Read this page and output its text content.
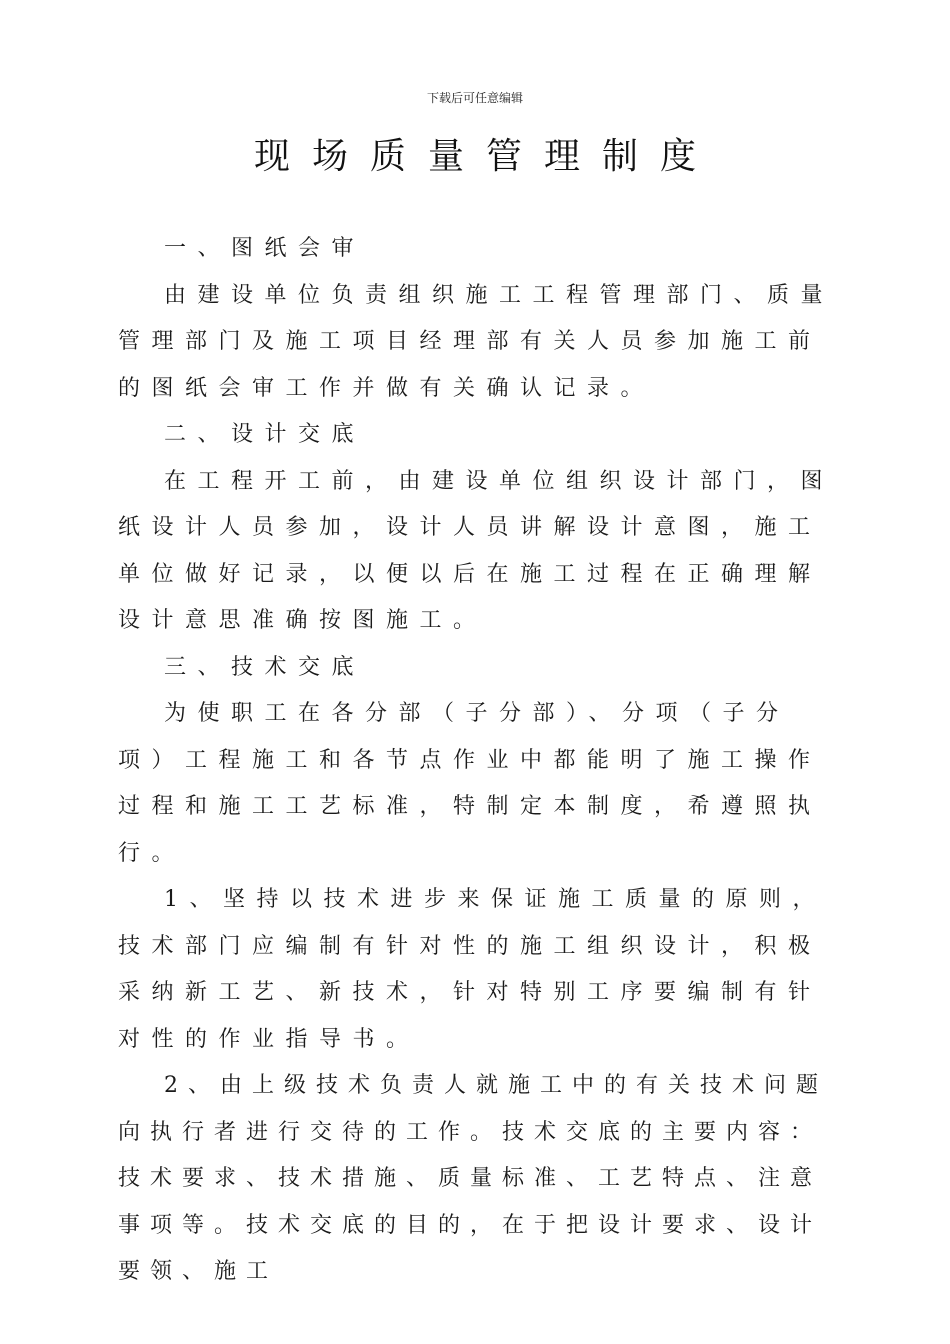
下载后可任意编辑
现场质量管理制度

一、图纸会审

由建设单位负责组织施工工程管理部门、质量管理部门及施工项目经理部有关人员参加施工前的图纸会审工作并做有关确认记录。

二、设计交底

在工程开工前，由建设单位组织设计部门，图纸设计人员参加，设计人员讲解设计意图，施工单位做好记录，以便以后在施工过程在正确理解设计意思准确按图施工。

三、技术交底

为使职工在各分部（子分部）、分项（子分项）工程施工和各节点作业中都能明了施工操作过程和施工工艺标准，特制定本制度，希遵照执行。

1、坚持以技术进步来保证施工质量的原则，技术部门应编制有针对性的施工组织设计，积极采纳新工艺、新技术，针对特别工序要编制有针对性的作业指导书。

2、由上级技术负责人就施工中的有关技术问题向执行者进行交待的工作。技术交底的主要内容：技术要求、技术措施、质量标准、工艺特点、注意事项等。技术交底的目的，在于把设计要求、设计要领、施工
